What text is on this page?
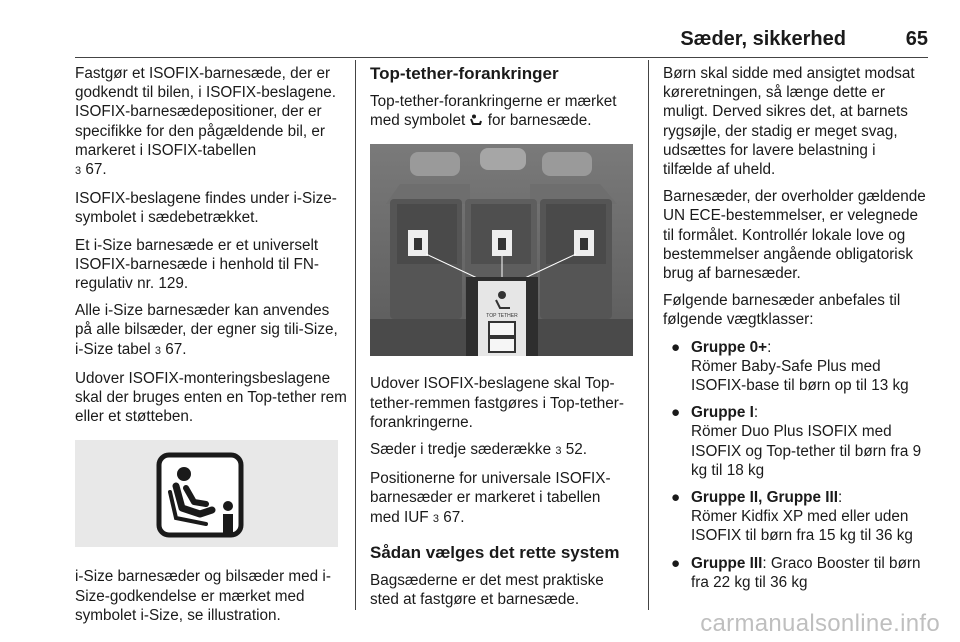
Sæder, sikkerhed	65

Fastgør et ISOFIX-barnesæde, der er godkendt til bilen, i ISOFIX-beslagene. ISOFIX-barnesædepositioner, der er specifikke for den pågældende bil, er markeret i ISOFIX-tabellen
3 67.

ISOFIX-beslagene findes under i-Size-symbolet i sædebetrækket.

Et i-Size barnesæde er et universelt ISOFIX-barnesæde i henhold til FN-regulativ nr. 129.

Alle i-Size barnesæder kan anvendes på alle bilsæder, der egner sig tili-Size, i-Size tabel 3 67.

Udover ISOFIX-monteringsbeslagene skal der bruges enten en Top-tether rem eller et støtteben.

i-Size barnesæder og bilsæder med i-Size-godkendelse er mærket med symbolet i-Size, se illustration.

Top-tether-forankringer

Top-tether-forankringerne er mærket med symbolet for barnesæde.

TOP TETHER

Udover ISOFIX-beslagene skal Top-tether-remmen fastgøres i Top-tether-forankringerne.

Sæder i tredje sæderække 3 52.

Positionerne for universale ISOFIX-barnesæder er markeret i tabellen med IUF 3 67.

Sådan vælges det rette system

Bagsæderne er det mest praktiske sted at fastgøre et barnesæde.

Børn skal sidde med ansigtet modsat køreretningen, så længe dette er muligt. Derved sikres det, at barnets rygsøjle, der stadig er meget svag, udsættes for lavere belastning i tilfælde af uheld.

Barnesæder, der overholder gældende UN ECE-bestemmelser, er velegnede til formålet. Kontrollér lokale love og bestemmelser angående obligatorisk brug af barnesæder.

Følgende barnesæder anbefales til følgende vægtklasser:

● Gruppe 0+:
Römer Baby-Safe Plus med ISOFIX-base til børn op til 13 kg
● Gruppe I:
Römer Duo Plus ISOFIX med ISOFIX og Top-tether til børn fra 9 kg til 18 kg
● Gruppe II, Gruppe III:
Römer Kidfix XP med eller uden ISOFIX til børn fra 15 kg til 36 kg
● Gruppe III: Graco Booster til børn fra 22 kg til 36 kg
carmanualsonline.info
